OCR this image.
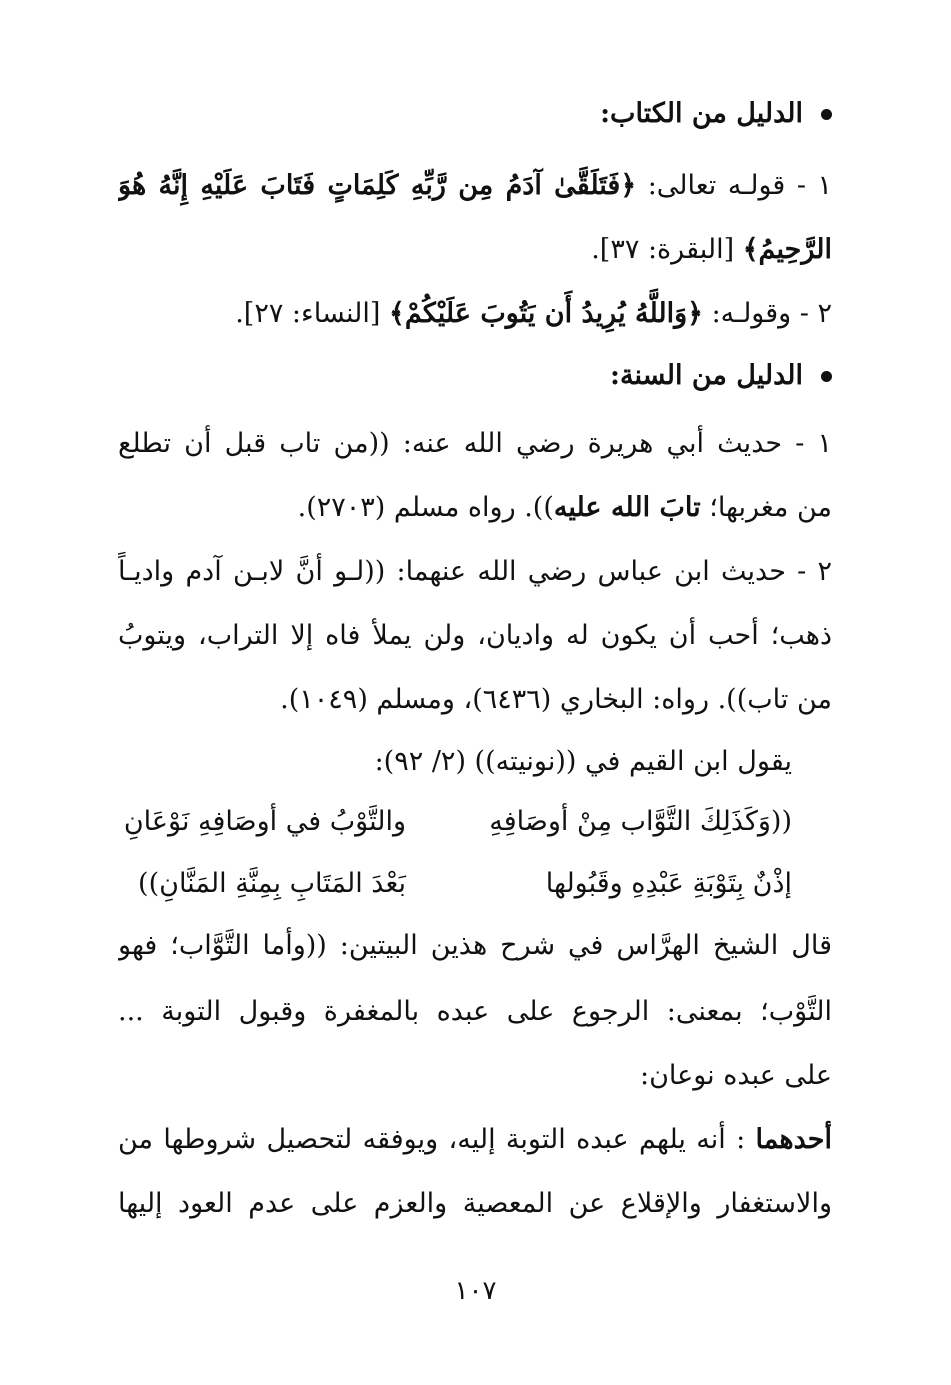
الدليل من الكتاب:
١ - قولـه تعالى: ﴿فَتَلَقَّىٰ آدَمُ مِن رَّبِّهِ كَلِمَاتٍ فَتَابَ عَلَيْهِ إِنَّهُ هُوَ
الرَّحِيمُ﴾ [البقرة: ٣٧].
٢ - وقولـه: ﴿وَاللَّهُ يُرِيدُ أَن يَتُوبَ عَلَيْكُمْ﴾ [النساء: ٢٧].
الدليل من السنة:
١ - حديث أبي هريرة رضي الله عنه: ((من تاب قبل أن تطلع
من مغربها؛ تابَ الله عليه)). رواه مسلم (٢٧٠٣).
٢ - حديث ابن عباس رضي الله عنهما: ((لـو أنَّ لابـن آدم واديـاً
ذهب؛ أحب أن يكون له واديان، ولن يملأ فاه إلا التراب، ويتوبُ
من تاب)). رواه: البخاري (٦٤٣٦)، ومسلم (١٠٤٩).
يقول ابن القيم في ((نونيته)) (٢/ ٩٢):
((وَكَذَلِكَ التَّوَّاب مِنْ أوصَافِهِ
والتَّوْبُ في أوصَافِهِ نَوْعَانِ
إذْنٌ بِتَوْبَةِ عَبْدِهِ وقَبُولها
بَعْدَ المَتَابِ بِمِنَّةِ المَنَّانِ))
قال الشيخ الهرَّاس في شرح هذين البيتين: ((وأما التَّوَّاب؛ فهو
التَّوْب؛ بمعنى: الرجوع على عبده بالمغفرة وقبول التوبة ...
على عبده نوعان:
أحدهما : أنه يلهم عبده التوبة إليه، ويوفقه لتحصيل شروطها من
والاستغفار والإقلاع عن المعصية والعزم على عدم العود إليها
١٠٧
